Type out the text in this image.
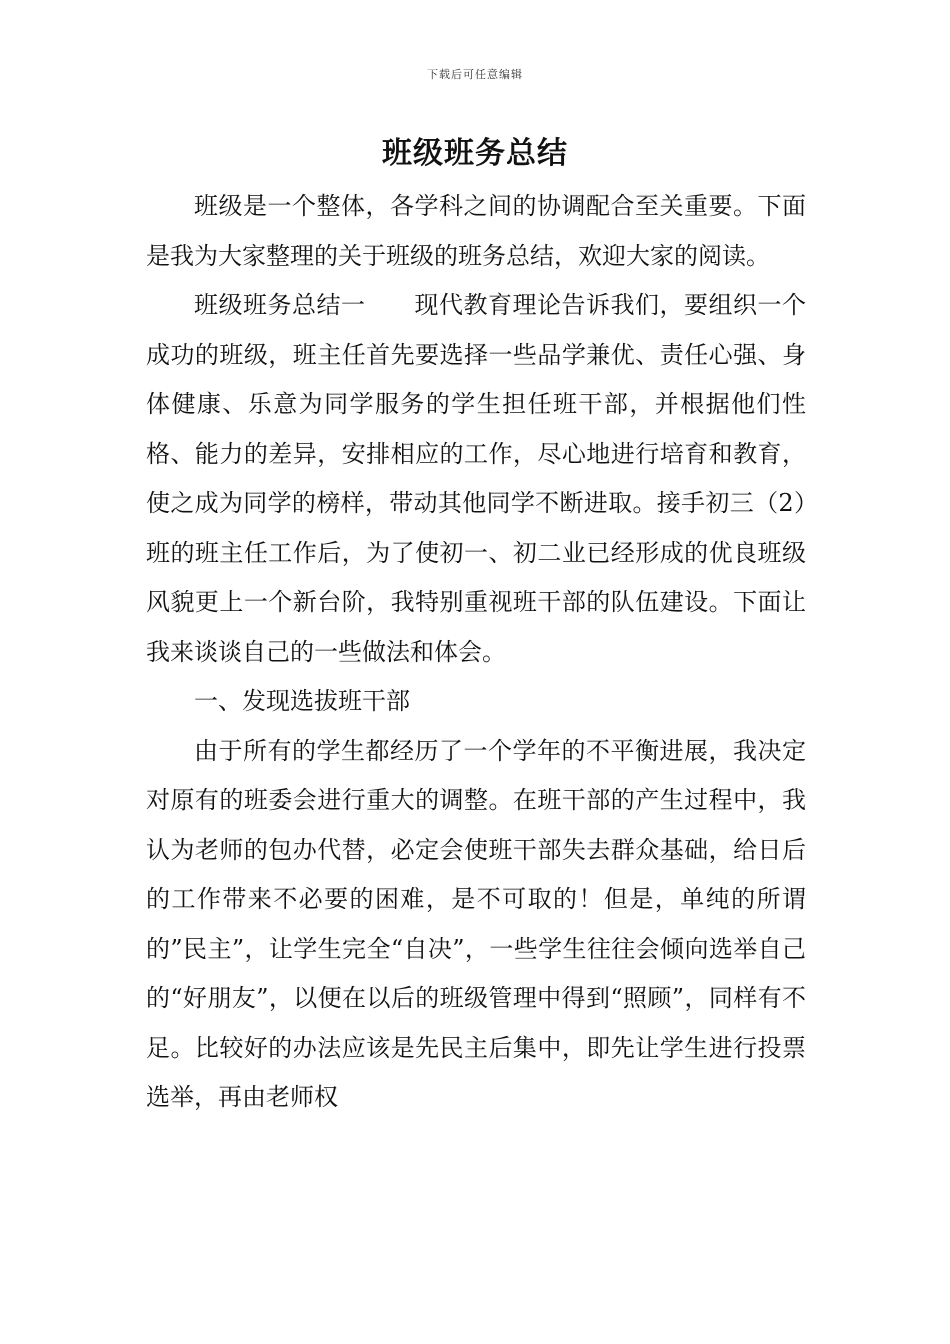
下载后可任意编辑
班级班务总结

班级是一个整体，各学科之间的协调配合至关重要。下面是我为大家整理的关于班级的班务总结，欢迎大家的阅读。

班级班务总结一　　现代教育理论告诉我们，要组织一个成功的班级，班主任首先要选择一些品学兼优、责任心强、身体健康、乐意为同学服务的学生担任班干部，并根据他们性格、能力的差异，安排相应的工作，尽心地进行培育和教育，使之成为同学的榜样，带动其他同学不断进取。接手初三（2）班的班主任工作后，为了使初一、初二业已经形成的优良班级风貌更上一个新台阶，我特别重视班干部的队伍建设。下面让我来谈谈自己的一些做法和体会。

一、发现选拔班干部

由于所有的学生都经历了一个学年的不平衡进展，我决定对原有的班委会进行重大的调整。在班干部的产生过程中，我认为老师的包办代替，必定会使班干部失去群众基础，给日后的工作带来不必要的困难，是不可取的！但是，单纯的所谓的”民主”，让学生完全“自决”，一些学生往往会倾向选举自己的“好朋友”，以便在以后的班级管理中得到“照顾”，同样有不足。比较好的办法应该是先民主后集中，即先让学生进行投票选举，再由老师权
